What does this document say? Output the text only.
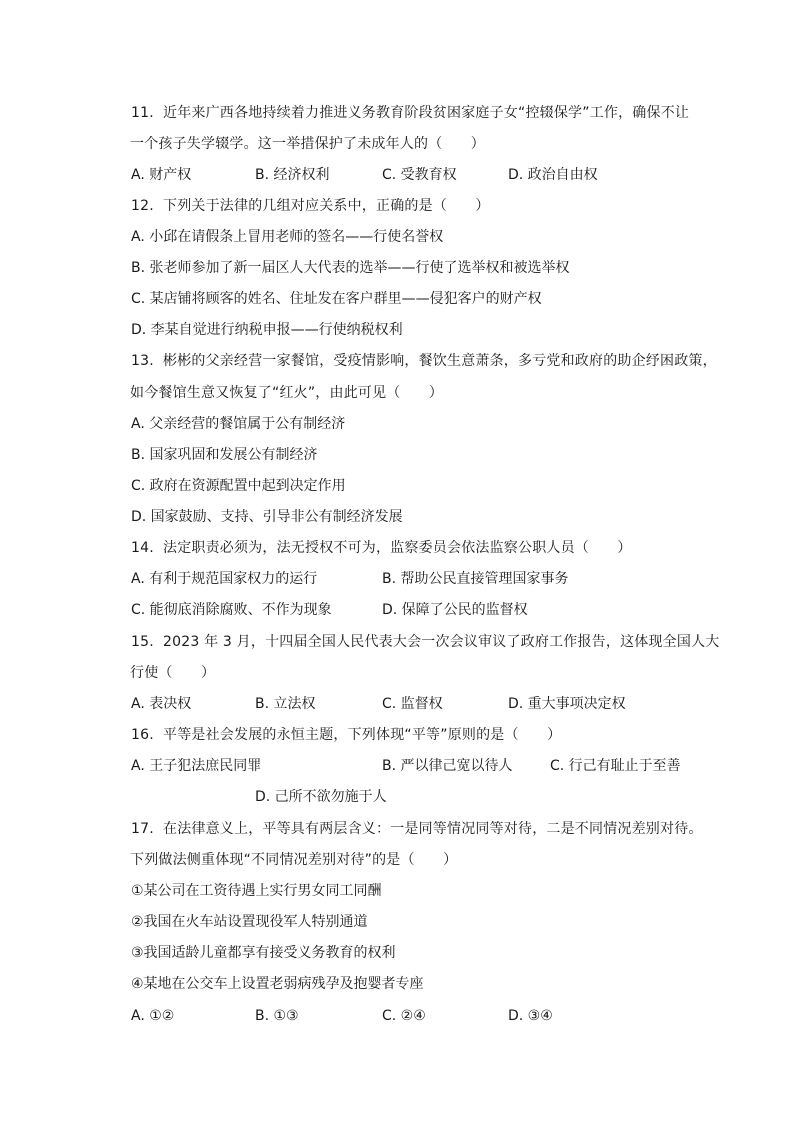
11. 近年来广西各地持续着力推进义务教育阶段贫困家庭子女“控辍保学”工作，确保不让
一个孩子失学辍学。这一举措保护了未成年人的（　　）
A. 财产权	B. 经济权利	C. 受教育权	D. 政治自由权
12. 下列关于法律的几组对应关系中，正确的是（　　）
A. 小邱在请假条上冒用老师的签名——行使名誉权
B. 张老师参加了新一届区人大代表的选举——行使了选举权和被选举权
C. 某店铺将顾客的姓名、住址发在客户群里——侵犯客户的财产权
D. 李某自觉进行纳税申报——行使纳税权利
13. 彬彬的父亲经营一家餐馆，受疫情影响，餐饮生意萧条，多亏党和政府的助企纾困政策，
如今餐馆生意又恢复了“红火”，由此可见（　　）
A. 父亲经营的餐馆属于公有制经济
B. 国家巩固和发展公有制经济
C. 政府在资源配置中起到决定作用
D. 国家鼓励、支持、引导非公有制经济发展
14. 法定职责必须为，法无授权不可为，监察委员会依法监察公职人员（　　）
A. 有利于规范国家权力的运行	B. 帮助公民直接管理国家事务
C. 能彻底消除腐败、不作为现象	D. 保障了公民的监督权
15. 2023 年 3 月，十四届全国人民代表大会一次会议审议了政府工作报告，这体现全国人大
行使（　　）
A. 表决权	B. 立法权	C. 监督权	D. 重大事项决定权
16. 平等是社会发展的永恒主题，下列体现“平等”原则的是（　　）
A. 王子犯法庶民同罪	B. 严以律己宽以待人	C. 行己有耻止于至善
D. 己所不欲勿施于人
17. 在法律意义上，平等具有两层含义：一是同等情况同等对待，二是不同情况差别对待。
下列做法侧重体现“不同情况差别对待”的是（　　）
①某公司在工资待遇上实行男女同工同酬
②我国在火车站设置现役军人特别通道
③我国适龄儿童都享有接受义务教育的权利
④某地在公交车上设置老弱病残孕及抱婴者专座
A. ①②	B. ①③	C. ②④	D. ③④
